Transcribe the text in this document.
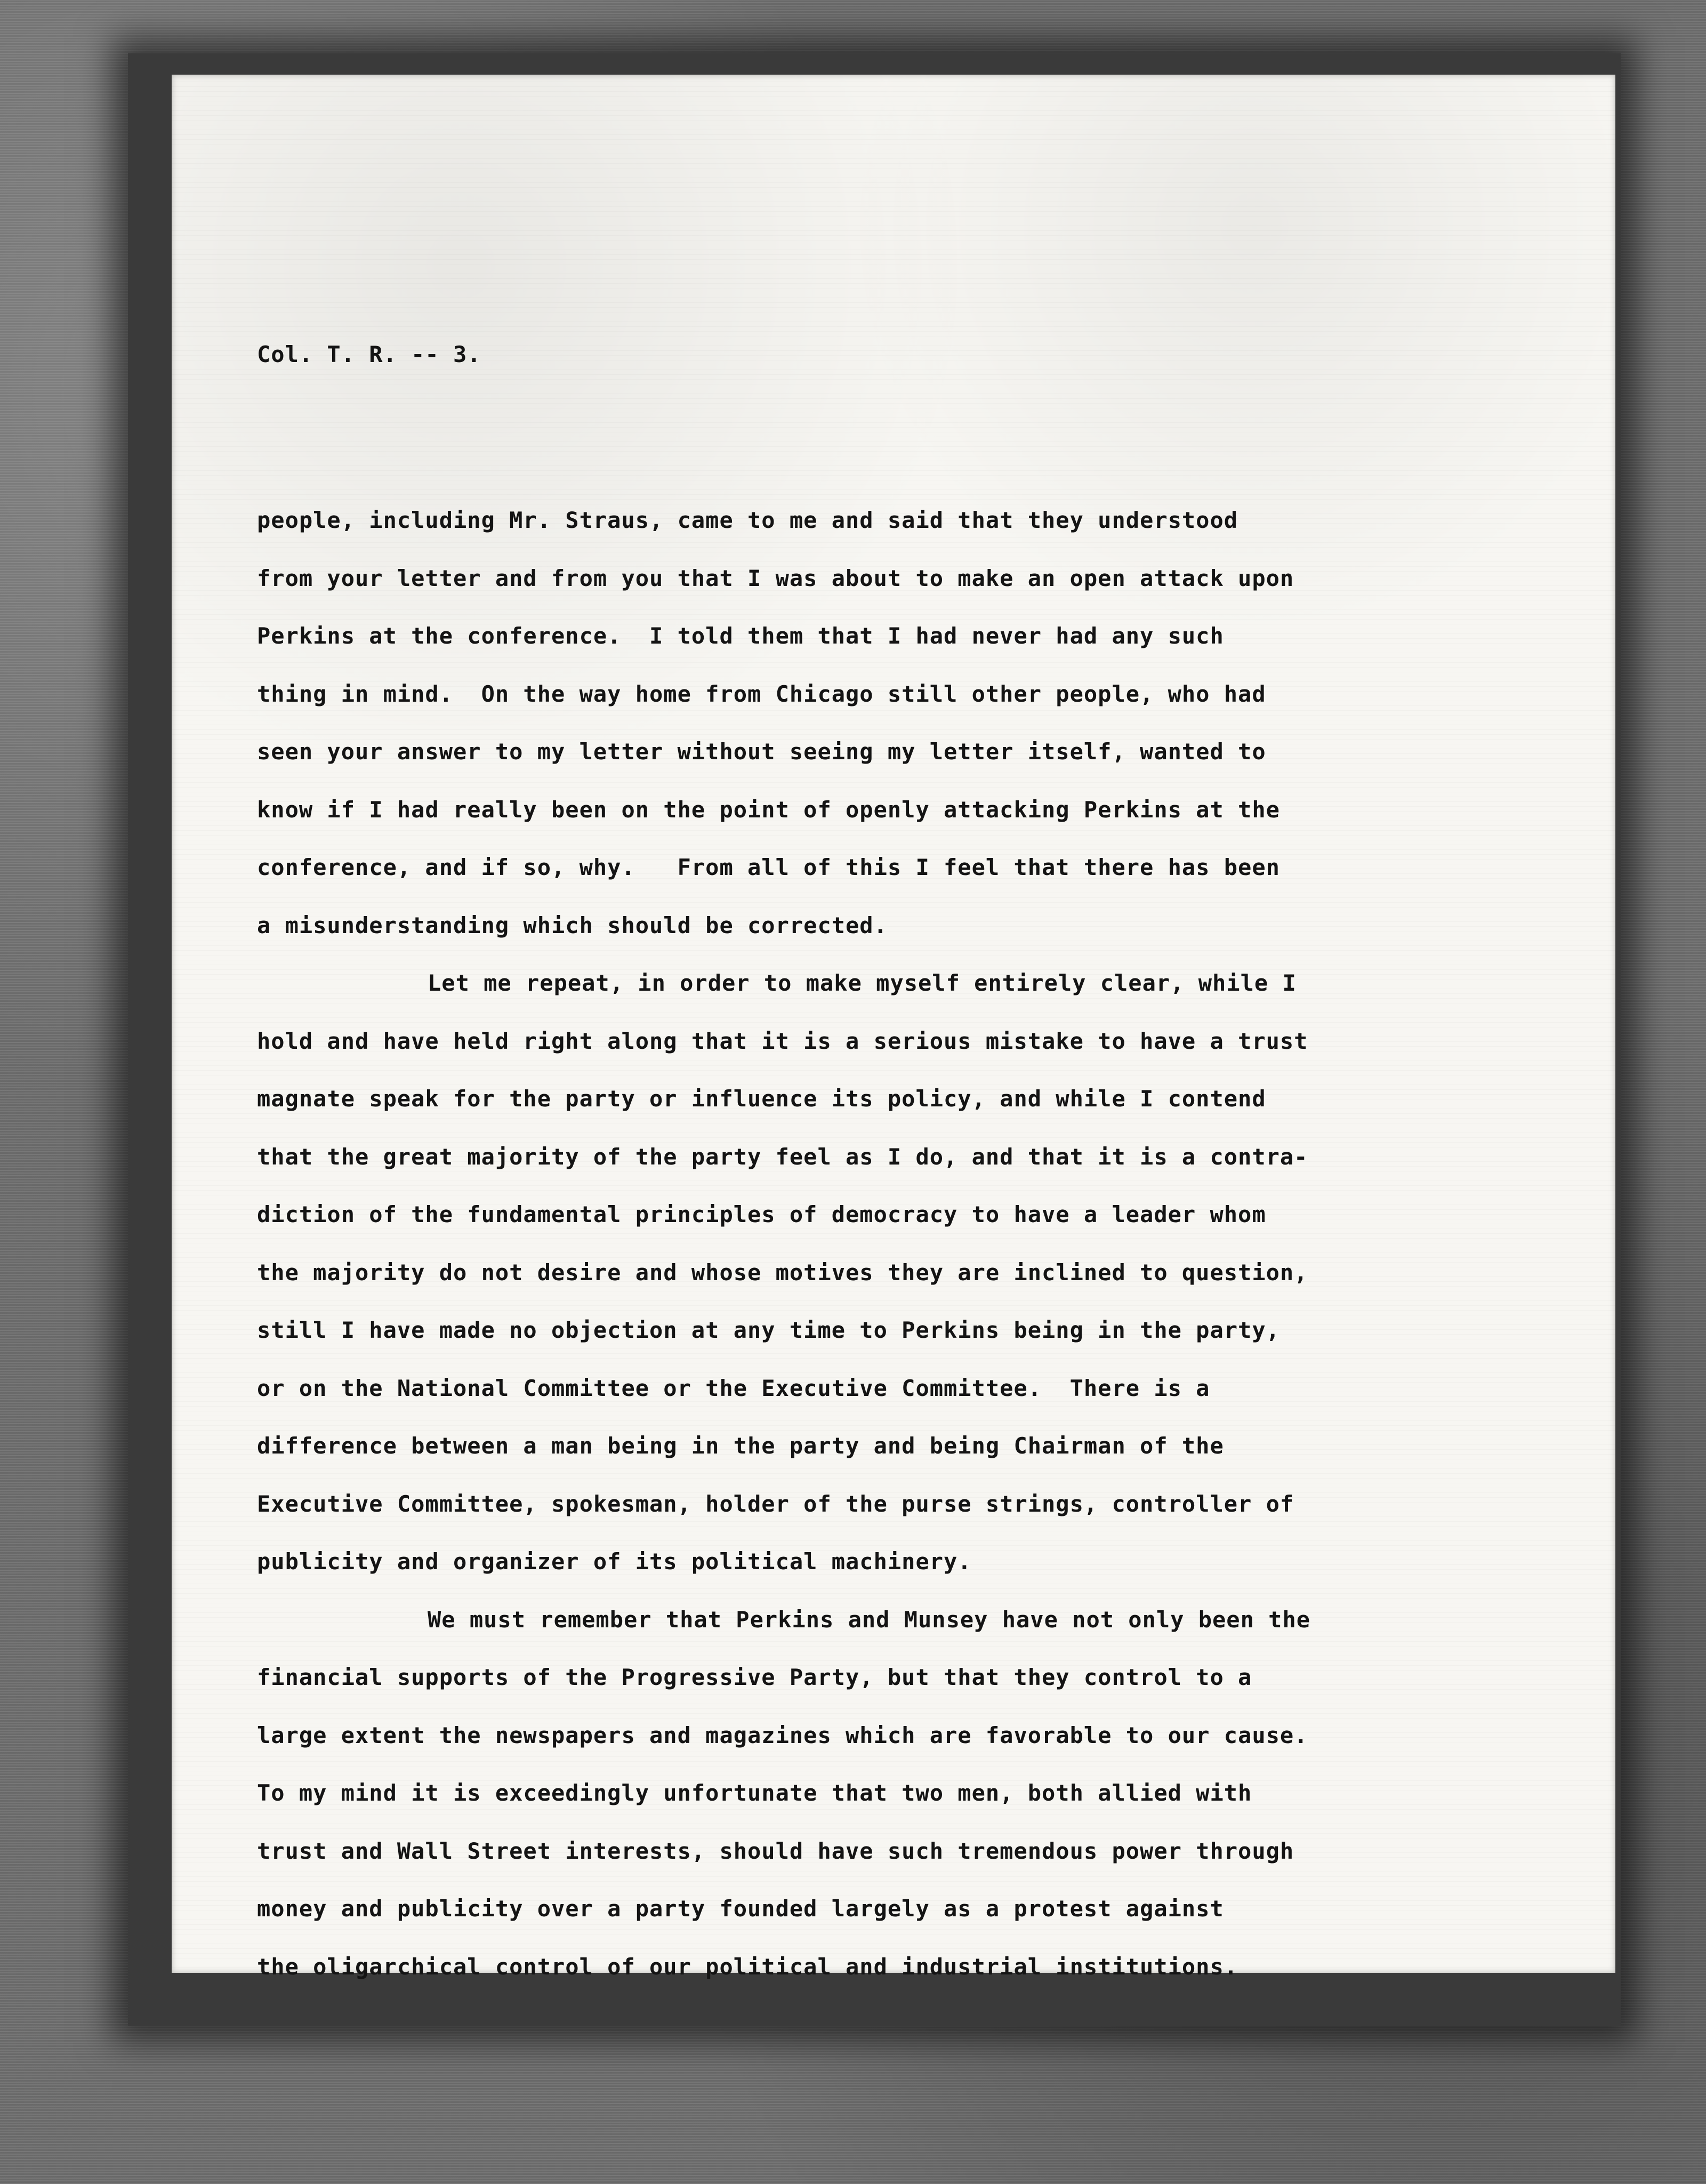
Col. T. R. -- 3.
people, including Mr. Straus, came to me and said that they understood
from your letter and from you that I was about to make an open attack upon
Perkins at the conference.  I told them that I had never had any such
thing in mind.  On the way home from Chicago still other people, who had
seen your answer to my letter without seeing my letter itself, wanted to
know if I had really been on the point of openly attacking Perkins at the
conference, and if so, why.   From all of this I feel that there has been
a misunderstanding which should be corrected.
Let me repeat, in order to make myself entirely clear, while I
hold and have held right along that it is a serious mistake to have a trust
magnate speak for the party or influence its policy, and while I contend
that the great majority of the party feel as I do, and that it is a contra-
diction of the fundamental principles of democracy to have a leader whom
the majority do not desire and whose motives they are inclined to question,
still I have made no objection at any time to Perkins being in the party,
or on the National Committee or the Executive Committee.  There is a
difference between a man being in the party and being Chairman of the
Executive Committee, spokesman, holder of the purse strings, controller of
publicity and organizer of its political machinery.
We must remember that Perkins and Munsey have not only been the
financial supports of the Progressive Party, but that they control to a
large extent the newspapers and magazines which are favorable to our cause.
To my mind it is exceedingly unfortunate that two men, both allied with
trust and Wall Street interests, should have such tremendous power through
money and publicity over a party founded largely as a protest against
the oligarchical control of our political and industrial institutions.
